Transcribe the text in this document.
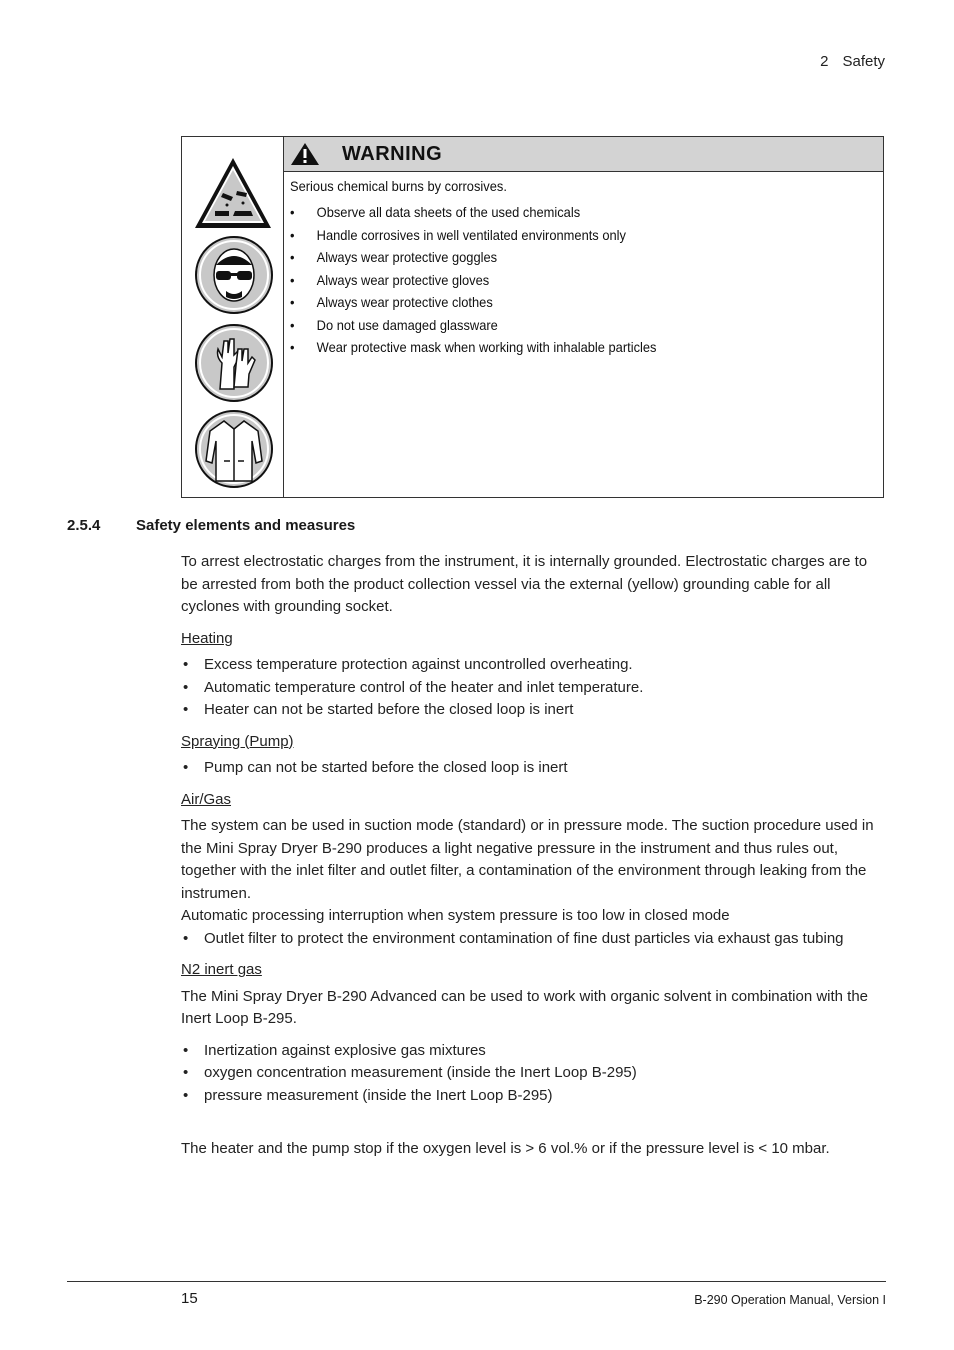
2 Safety
WARNING

Serious chemical burns by corrosives.

• Observe all data sheets of the used chemicals
• Handle corrosives in well ventilated environments only
• Always wear protective goggles
• Always wear protective gloves
• Always wear protective clothes
• Do not use damaged glassware
• Wear protective mask when working with inhalable particles
2.5.4 Safety elements and measures

To arrest electrostatic charges from the instrument, it is internally grounded. Electrostatic charges are to be arrested from both the product collection vessel via the external (yellow) grounding cable for all cyclones with grounding socket.

Heating

• Excess temperature protection against uncontrolled overheating.
• Automatic temperature control of the heater and inlet temperature.
• Heater can not be started before the closed loop is inert

Spraying (Pump)

• Pump can not be started before the closed loop is inert

Air/Gas

The system can be used in suction mode (standard) or in pressure mode. The suction procedure used in the Mini Spray Dryer B-290 produces a light negative pressure in the instrument and thus rules out, together with the inlet filter and outlet filter, a contamination of the environment through leaking from the instrumen.

Automatic processing interruption when system pressure is too low in closed mode

• Outlet filter to protect the environment contamination of fine dust particles via exhaust gas tubing

N2 inert gas

The Mini Spray Dryer B-290 Advanced can be used to work with organic solvent in combination with the Inert Loop B-295.

• Inertization against explosive gas mixtures
• oxygen concentration measurement (inside the Inert Loop B-295)
• pressure measurement (inside the Inert Loop B-295)

The heater and the pump stop if the oxygen level is > 6 vol.% or if the pressure level is < 10 mbar.

15	B-290 Operation Manual, Version I
